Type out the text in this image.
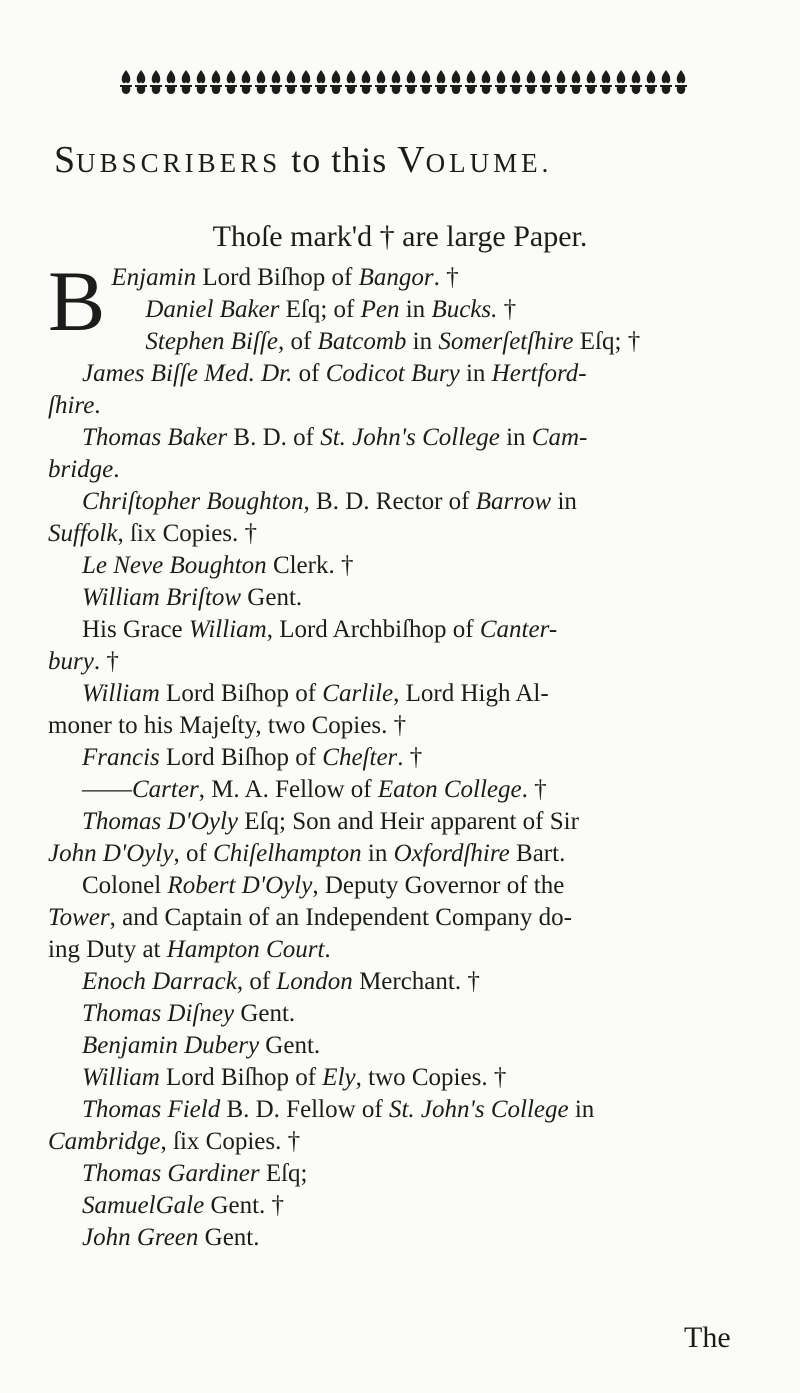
SUBSCRIBERS to this VOLUME.
Thoſe mark'd † are large Paper.

B Enjamin Lord Biſhop of Bangor. †

Daniel Baker Eſq; of Pen in Bucks. †

Stephen Biſſe, of Batcomb in Somerſetſhire Eſq; †

James Biſſe Med. Dr. of Codicot Bury in Hertford-

ſhire.

Thomas Baker B. D. of St. John's College in Cam-

bridge.

Chriſtopher Boughton, B. D. Rector of Barrow in

Suffolk, ſix Copies. †

Le Neve Boughton Clerk. †

William Briſtow Gent.

His Grace William, Lord Archbiſhop of Canter-

bury. †

William Lord Biſhop of Carlile, Lord High Al-

moner to his Majeſty, two Copies. †

Francis Lord Biſhop of Cheſter. †

——Carter, M. A. Fellow of Eaton College. †

Thomas D'Oyly Eſq; Son and Heir apparent of Sir

John D'Oyly, of Chiſelhampton in Oxfordſhire Bart.

Colonel Robert D'Oyly, Deputy Governor of the

Tower, and Captain of an Independent Company do-

ing Duty at Hampton Court.

Enoch Darrack, of London Merchant. †

Thomas Diſney Gent.

Benjamin Dubery Gent.

William Lord Biſhop of Ely, two Copies. †

Thomas Field B. D. Fellow of St. John's College in

Cambridge, ſix Copies. †

Thomas Gardiner Eſq;

SamuelGale Gent. †

John Green Gent.

The
